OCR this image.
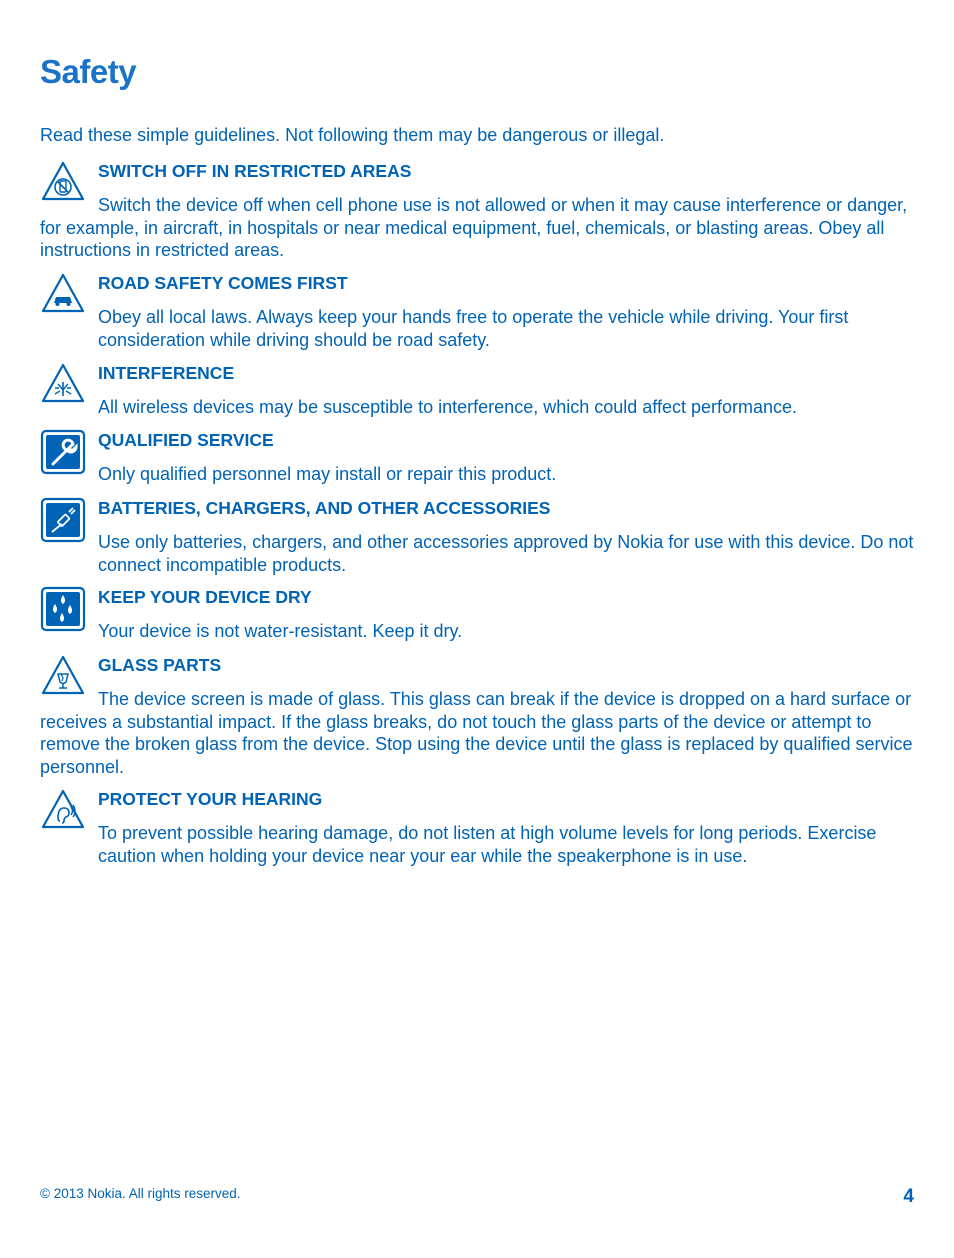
Safety
Read these simple guidelines. Not following them may be dangerous or illegal.
SWITCH OFF IN RESTRICTED AREAS
Switch the device off when cell phone use is not allowed or when it may cause interference or danger, for example, in aircraft, in hospitals or near medical equipment, fuel, chemicals, or blasting areas. Obey all instructions in restricted areas.
ROAD SAFETY COMES FIRST
Obey all local laws. Always keep your hands free to operate the vehicle while driving. Your first consideration while driving should be road safety.
INTERFERENCE
All wireless devices may be susceptible to interference, which could affect performance.
QUALIFIED SERVICE
Only qualified personnel may install or repair this product.
BATTERIES, CHARGERS, AND OTHER ACCESSORIES
Use only batteries, chargers, and other accessories approved by Nokia for use with this device. Do not connect incompatible products.
KEEP YOUR DEVICE DRY
Your device is not water-resistant. Keep it dry.
GLASS PARTS
The device screen is made of glass. This glass can break if the device is dropped on a hard surface or receives a substantial impact. If the glass breaks, do not touch the glass parts of the device or attempt to remove the broken glass from the device. Stop using the device until the glass is replaced by qualified service personnel.
PROTECT YOUR HEARING
To prevent possible hearing damage, do not listen at high volume levels for long periods. Exercise caution when holding your device near your ear while the speakerphone is in use.
© 2013 Nokia. All rights reserved.	4
